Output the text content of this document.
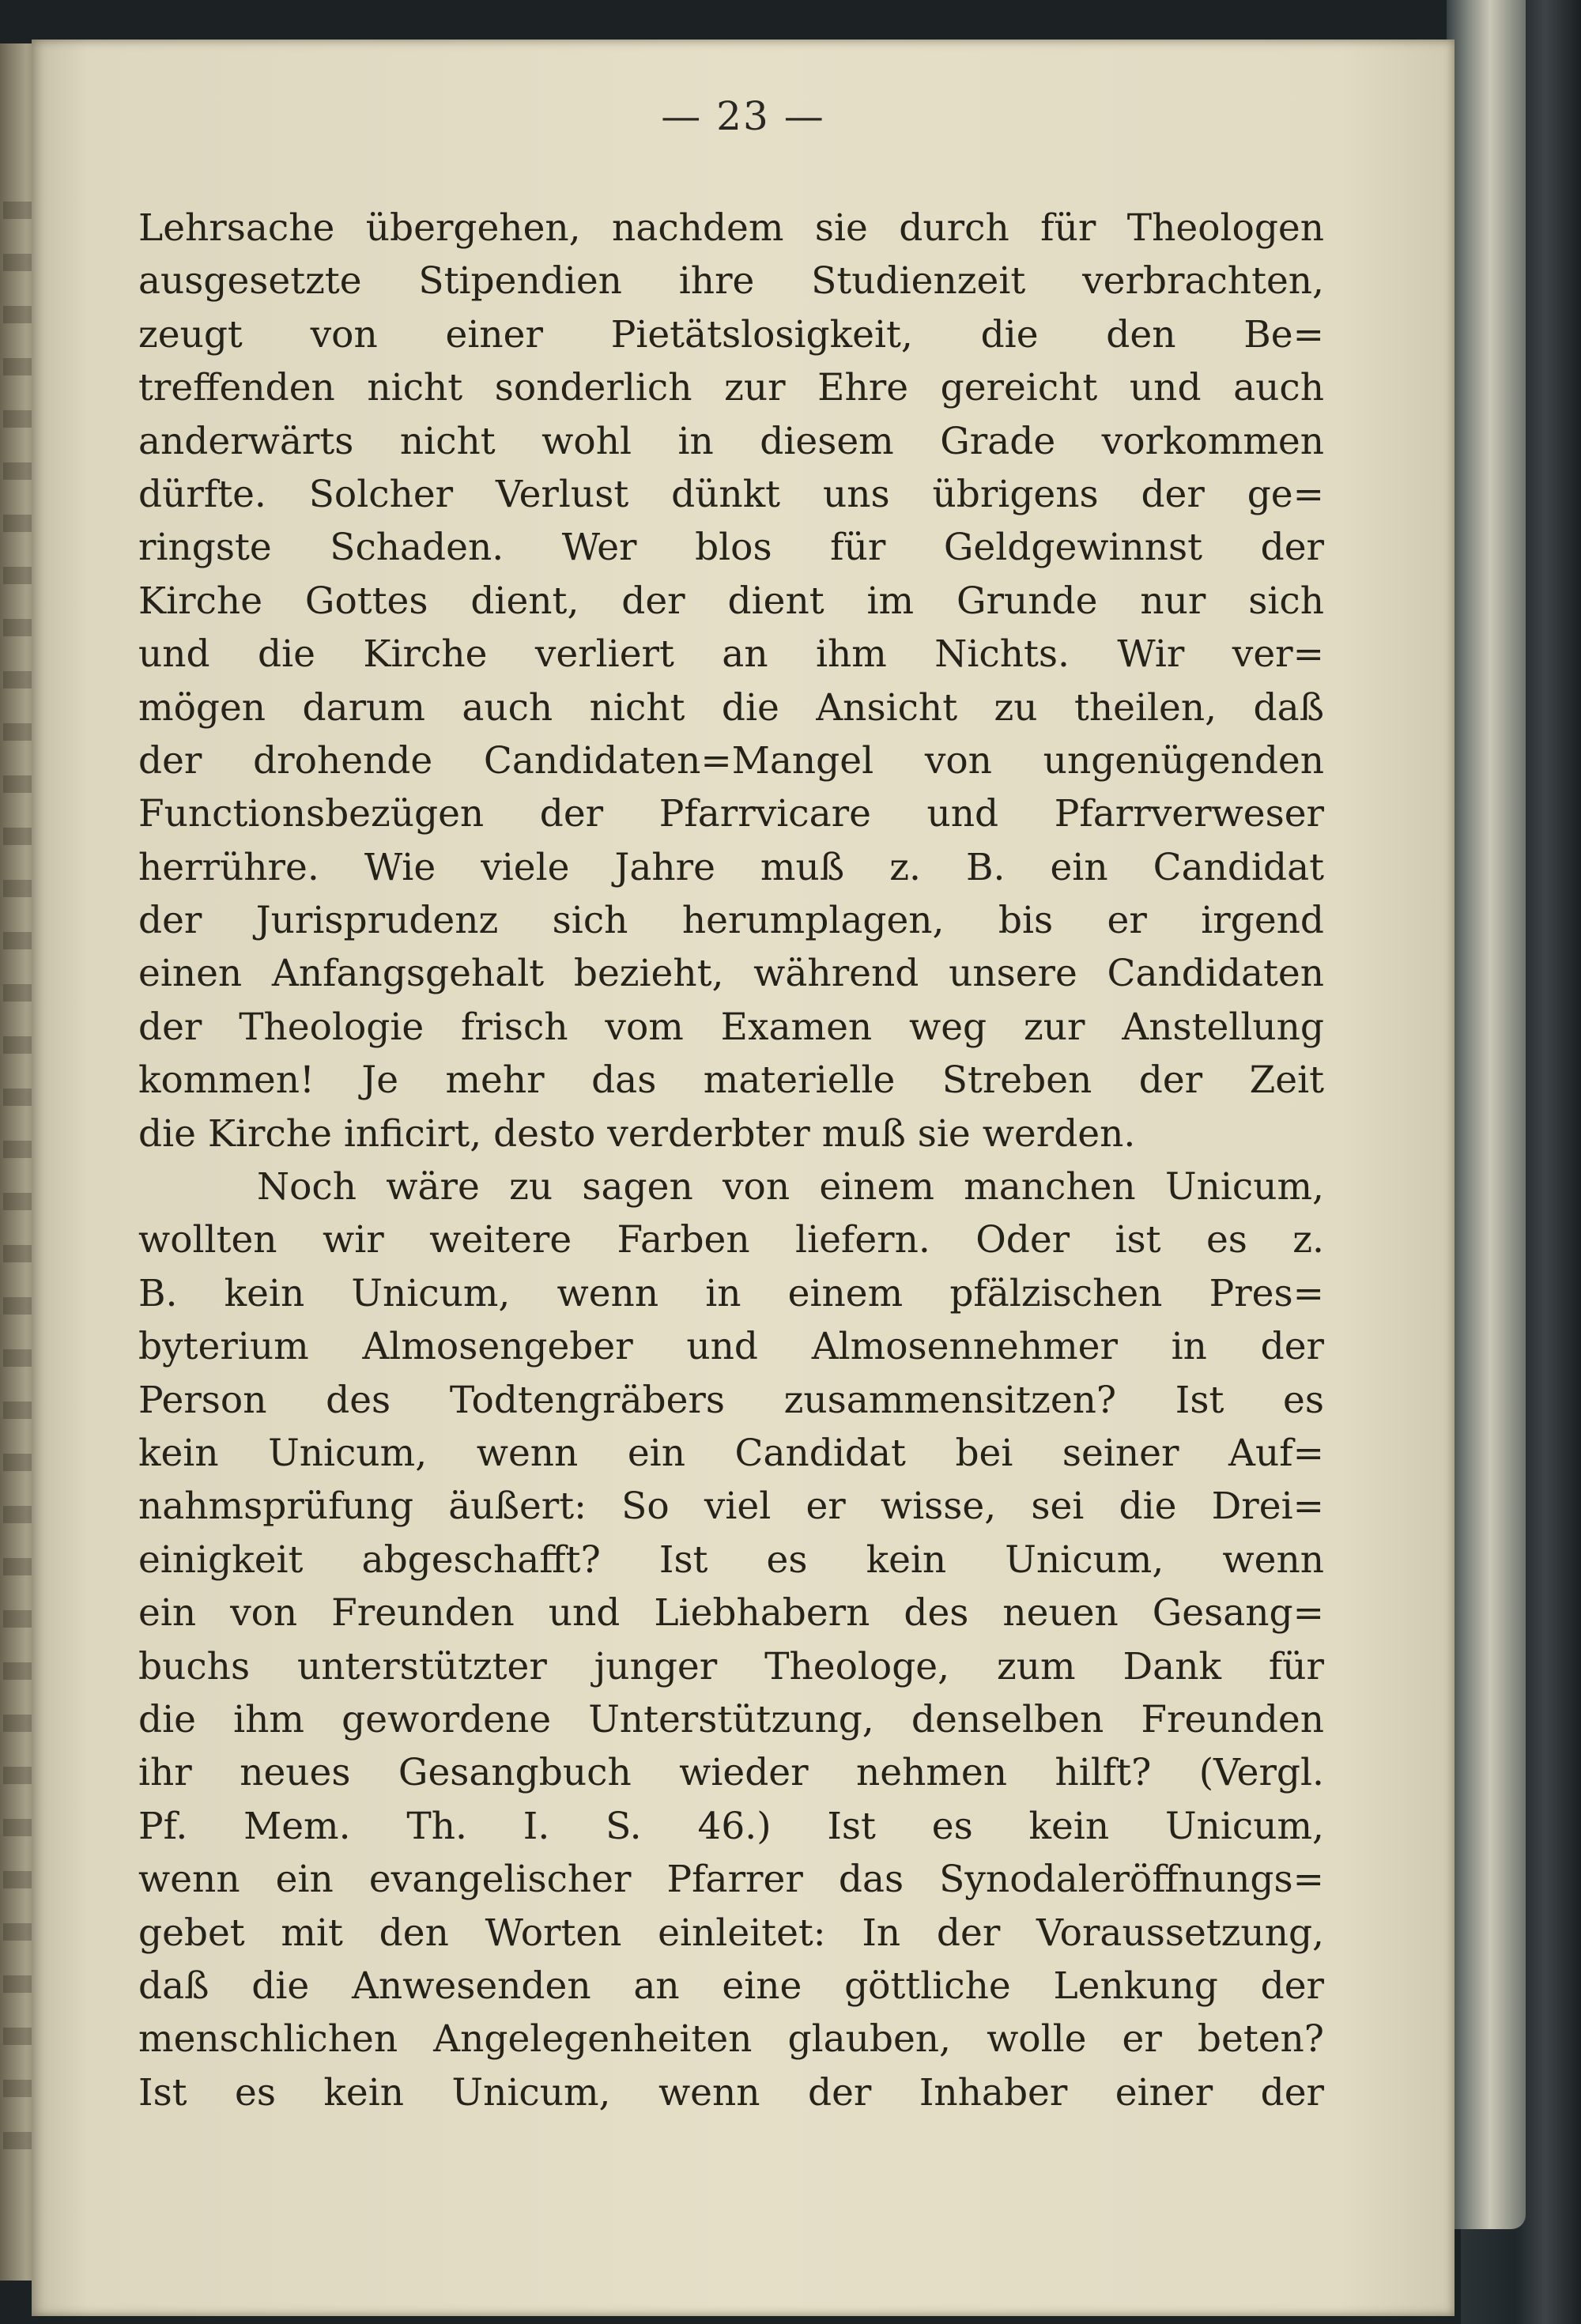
— 23 —
Lehrsache übergehen, nachdem sie durch für Theologen
ausgesetzte Stipendien ihre Studienzeit verbrachten,
zeugt von einer Pietätslosigkeit, die den Be=
treffenden nicht sonderlich zur Ehre gereicht und auch
anderwärts nicht wohl in diesem Grade vorkommen
dürfte. Solcher Verlust dünkt uns übrigens der ge=
ringste Schaden. Wer blos für Geldgewinnst der
Kirche Gottes dient, der dient im Grunde nur sich
und die Kirche verliert an ihm Nichts. Wir ver=
mögen darum auch nicht die Ansicht zu theilen, daß
der drohende Candidaten=Mangel von ungenügenden
Functionsbezügen der Pfarrvicare und Pfarrverweser
herrühre. Wie viele Jahre muß z. B. ein Candidat
der Jurisprudenz sich herumplagen, bis er irgend
einen Anfangsgehalt bezieht, während unsere Candidaten
der Theologie frisch vom Examen weg zur Anstellung
kommen! Je mehr das materielle Streben der Zeit
die Kirche inficirt, desto verderbter muß sie werden.
Noch wäre zu sagen von einem manchen Unicum,
wollten wir weitere Farben liefern. Oder ist es z.
B. kein Unicum, wenn in einem pfälzischen Pres=
byterium Almosengeber und Almosennehmer in der
Person des Todtengräbers zusammensitzen? Ist es
kein Unicum, wenn ein Candidat bei seiner Auf=
nahmsprüfung äußert: So viel er wisse, sei die Drei=
einigkeit abgeschafft? Ist es kein Unicum, wenn
ein von Freunden und Liebhabern des neuen Gesang=
buchs unterstützter junger Theologe, zum Dank für
die ihm gewordene Unterstützung, denselben Freunden
ihr neues Gesangbuch wieder nehmen hilft? (Vergl.
Pf. Mem. Th. I. S. 46.) Ist es kein Unicum,
wenn ein evangelischer Pfarrer das Synodaleröffnungs=
gebet mit den Worten einleitet: In der Voraussetzung,
daß die Anwesenden an eine göttliche Lenkung der
menschlichen Angelegenheiten glauben, wolle er beten?
Ist es kein Unicum, wenn der Inhaber einer der
